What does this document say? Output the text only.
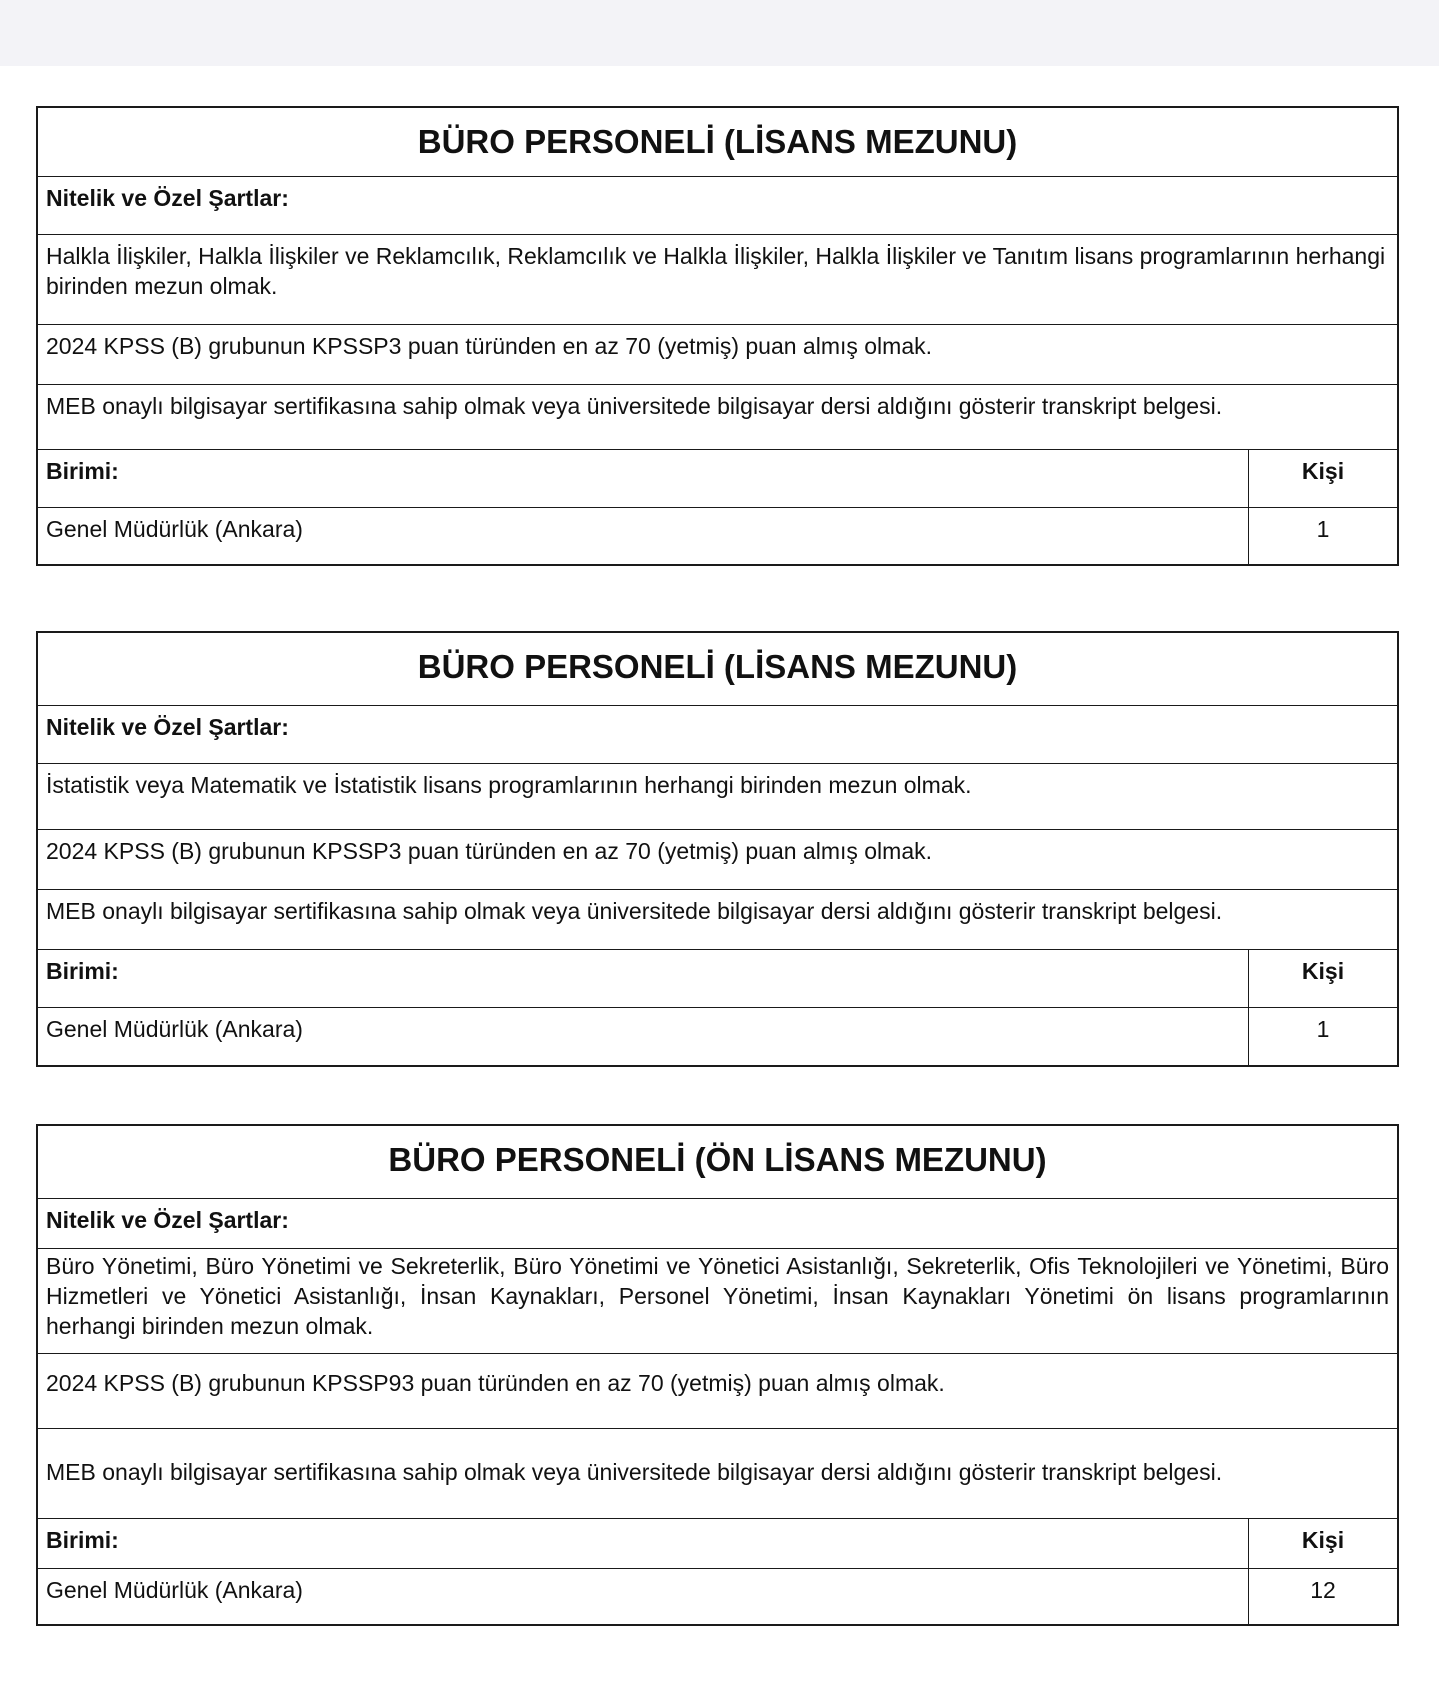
BÜRO PERSONELİ (LİSANS MEZUNU)
Nitelik ve Özel Şartlar:
Halkla İlişkiler, Halkla İlişkiler ve Reklamcılık, Reklamcılık ve Halkla İlişkiler, Halkla İlişkiler ve Tanıtım lisans programlarının herhangi birinden mezun olmak.
2024 KPSS (B) grubunun KPSSP3 puan türünden en az 70 (yetmiş) puan almış olmak.
MEB onaylı bilgisayar sertifikasına sahip olmak veya üniversitede bilgisayar dersi aldığını gösterir transkript belgesi.
Birimi:	Kişi
Genel Müdürlük (Ankara)	1
BÜRO PERSONELİ (LİSANS MEZUNU)
Nitelik ve Özel Şartlar:
İstatistik veya Matematik ve İstatistik lisans programlarının herhangi birinden mezun olmak.
2024 KPSS (B) grubunun KPSSP3 puan türünden en az 70 (yetmiş) puan almış olmak.
MEB onaylı bilgisayar sertifikasına sahip olmak veya üniversitede bilgisayar dersi aldığını gösterir transkript belgesi.
Birimi:	Kişi
Genel Müdürlük (Ankara)	1
BÜRO PERSONELİ (ÖN LİSANS MEZUNU)
Nitelik ve Özel Şartlar:
Büro Yönetimi, Büro Yönetimi ve Sekreterlik, Büro Yönetimi ve Yönetici Asistanlığı, Sekreterlik, Ofis Teknolojileri ve Yönetimi, Büro Hizmetleri ve Yönetici Asistanlığı, İnsan Kaynakları, Personel Yönetimi, İnsan Kaynakları Yönetimi ön lisans programlarının herhangi birinden mezun olmak.
2024 KPSS (B) grubunun KPSSP93 puan türünden en az 70 (yetmiş) puan almış olmak.
MEB onaylı bilgisayar sertifikasına sahip olmak veya üniversitede bilgisayar dersi aldığını gösterir transkript belgesi.
Birimi:	Kişi
Genel Müdürlük (Ankara)	12
